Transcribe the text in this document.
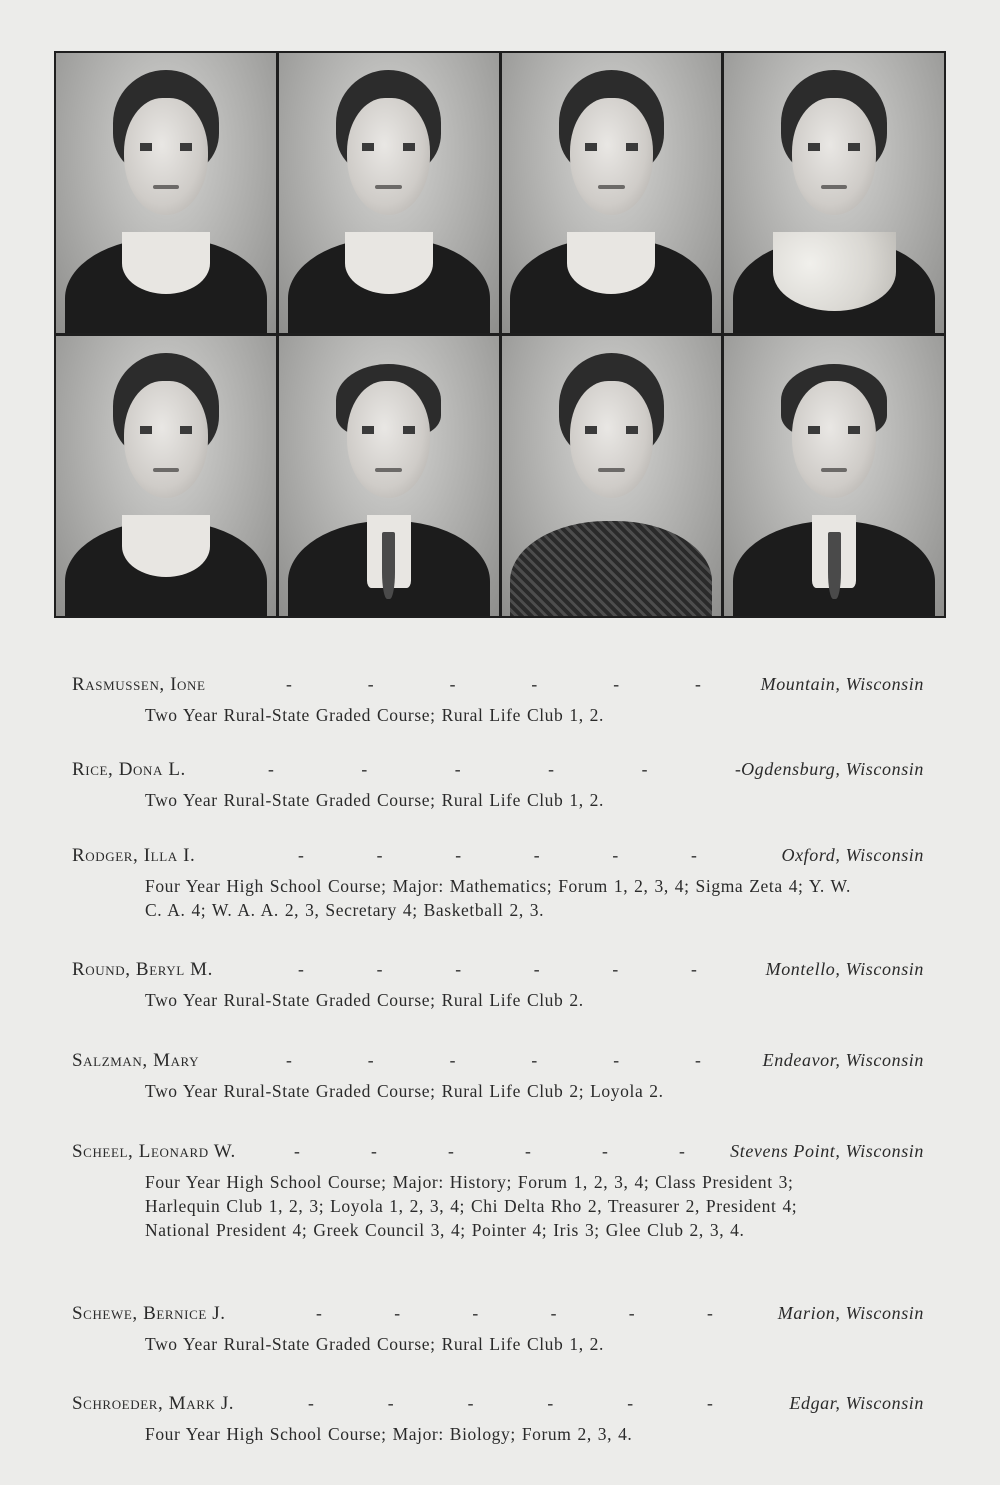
Rasmussen, Ione	-	-	-	-	-	-	Mountain, Wisconsin
Two Year Rural-State Graded Course; Rural Life Club 1, 2.
Rice, Dona L.	-	-	-	-	-	- Ogdensburg, Wisconsin
Two Year Rural-State Graded Course; Rural Life Club 1, 2.
Rodger, Illa I.	-	-	-	-	-	-	Oxford, Wisconsin
Four Year High School Course; Major: Mathematics; Forum 1, 2, 3, 4; Sigma Zeta 4; Y. W. C. A. 4; W. A. A. 2, 3, Secretary 4; Basketball 2, 3.
Round, Beryl M.	-	-	-	-	-	-	Montello, Wisconsin
Two Year Rural-State Graded Course; Rural Life Club 2.
Salzman, Mary	-	-	-	-	-	-	Endeavor, Wisconsin
Two Year Rural-State Graded Course; Rural Life Club 2; Loyola 2.
Scheel, Leonard W.	-	-	-	-	-	- Stevens Point, Wisconsin
Four Year High School Course; Major: History; Forum 1, 2, 3, 4; Class President 3; Harlequin Club 1, 2, 3; Loyola 1, 2, 3, 4; Chi Delta Rho 2, Treasurer 2, President 4; National President 4; Greek Council 3, 4; Pointer 4; Iris 3; Glee Club 2, 3, 4.
Schewe, Bernice J.	-	-	-	-	-	-	Marion, Wisconsin
Two Year Rural-State Graded Course; Rural Life Club 1, 2.
Schroeder, Mark J.	-	-	-	-	-	-	Edgar, Wisconsin
Four Year High School Course; Major: Biology; Forum 2, 3, 4.
